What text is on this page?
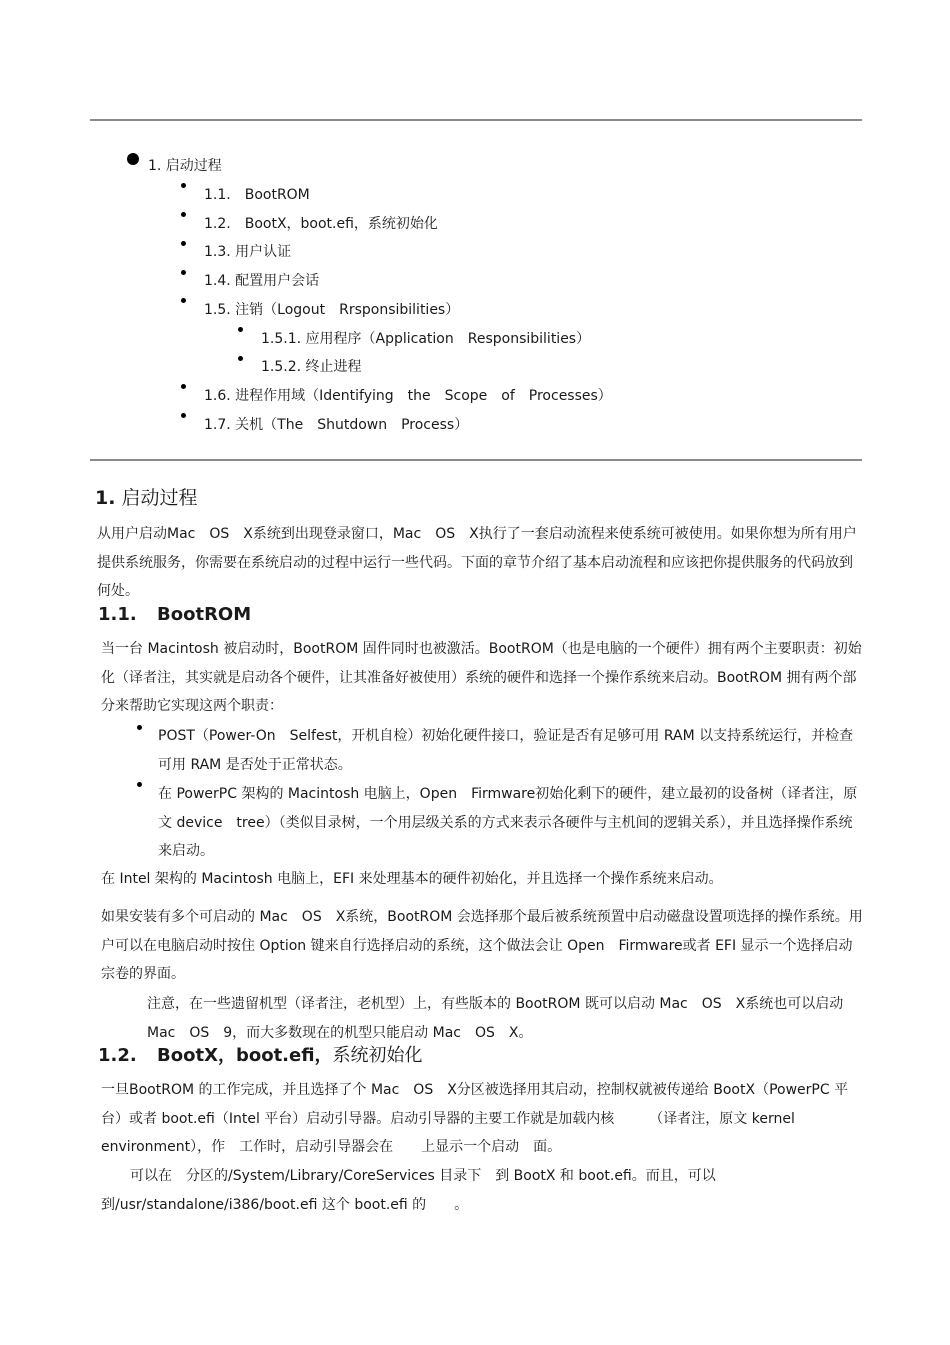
1. 启动过程
1.1.　BootROM
1.2.　BootX，boot.efi，系统初始化
1.3. 用户认证
1.4. 配置用户会话
1.5. 注销（Logout　Rrsponsibilities）
1.5.1. 应用程序（Application　Responsibilities）
1.5.2. 终止进程
1.6. 进程作用域（Identifying　the　Scope　of　Processes）
1.7. 关机（The　Shutdown　Process）
1. 启动过程
从用户启动Mac　OS　X系统到出现登录窗口，Mac　OS　X执行了一套启动流程来使系统可被使用。如果你想为所有用户提供系统服务，你需要在系统启动的过程中运行一些代码。下面的章节介绍了基本启动流程和应该把你提供服务的代码放到何处。
1.1. BootROM
当一台 Macintosh 被启动时，BootROM 固件同时也被激活。BootROM（也是电脑的一个硬件）拥有两个主要职责：初始化（译者注，其实就是启动各个硬件，让其准备好被使用）系统的硬件和选择一个操作系统来启动。BootROM 拥有两个部分来帮助它实现这两个职责：
POST（Power-On　Selfest，开机自检）初始化硬件接口，验证是否有足够可用 RAM 以支持系统运行，并检查可用 RAM 是否处于正常状态。
在 PowerPC 架构的 Macintosh 电脑上，Open　Firmware初始化剩下的硬件，建立最初的设备树（译者注，原文 device　tree）（类似目录树，一个用层级关系的方式来表示各硬件与主机间的逻辑关系），并且选择操作系统来启动。
在 Intel 架构的 Macintosh 电脑上，EFI 来处理基本的硬件初始化，并且选择一个操作系统来启动。
如果安装有多个可启动的 Mac　OS　X系统，BootROM 会选择那个最后被系统预置中启动磁盘设置项选择的操作系统。用户可以在电脑启动时按住 Option 键来自行选择启动的系统，这个做法会让 Open　Firmware或者 EFI 显示一个选择启动宗卷的界面。
注意，在一些遗留机型（译者注，老机型）上，有些版本的 BootROM 既可以启动 Mac　OS　X系统也可以启动 Mac　OS　9，而大多数现在的机型只能启动 Mac　OS　X。
1.2. BootX，boot.efi，系统初始化
一旦BootROM 的工作完成，并且选择了个 Mac　OS　X分区被选择用其启动，控制权就被传递给 BootX（PowerPC 平台）或者 boot.efi（Intel 平台）启动引导器。启动引导器的主要工作就是加载内核　　　（译者注，原文 kernel environment），作　工作时，启动引导器会在　　上显示一个启动　面。
可以在　分区的/System/Library/CoreServices 目录下　到 BootX 和 boot.efi。而且，可以
到/usr/standalone/i386/boot.efi 这个 boot.efi 的　　。
